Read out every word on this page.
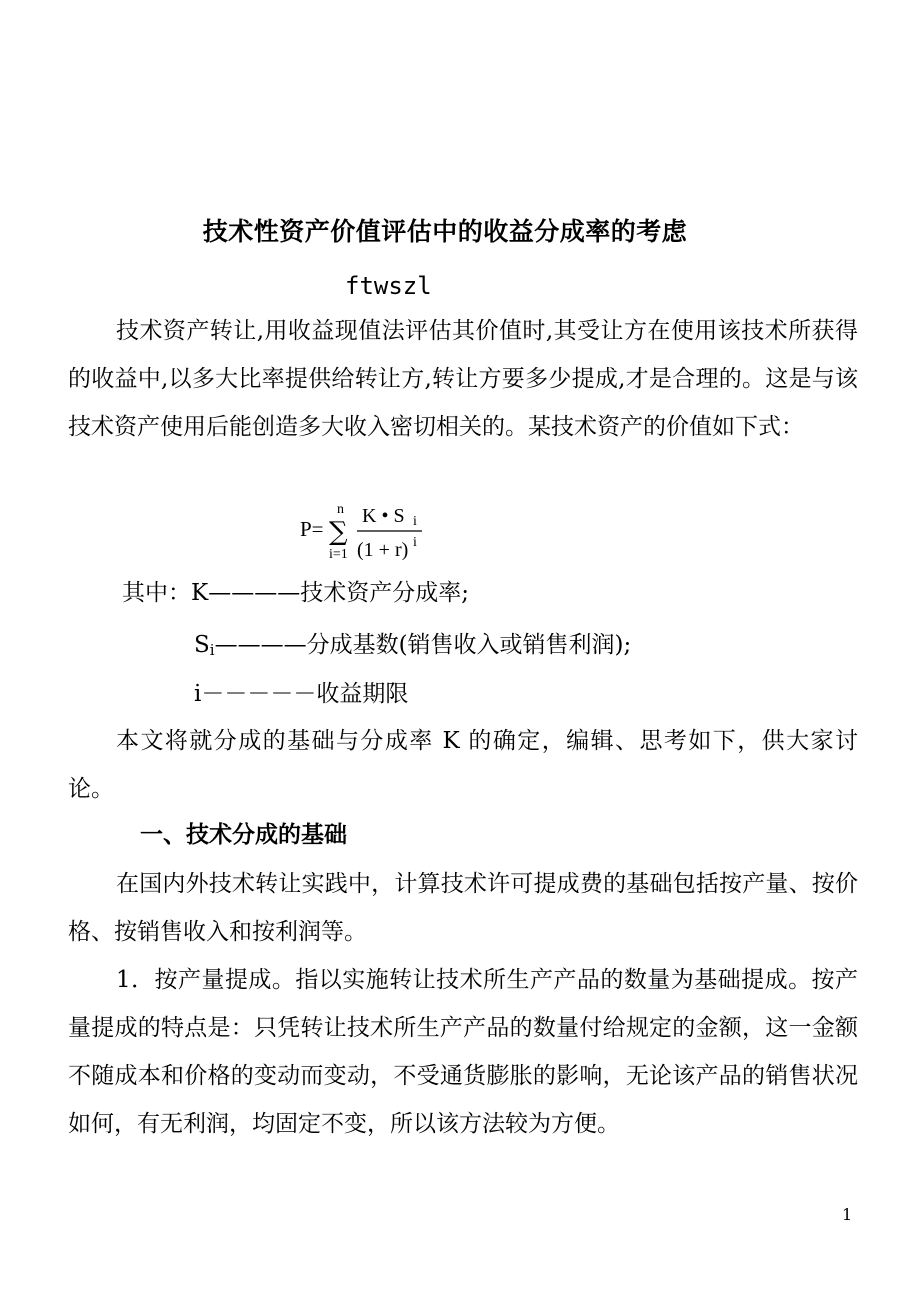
技术性资产价值评估中的收益分成率的考虑
ftwszl

技术资产转让,用收益现值法评估其价值时,其受让方在使用该技术所获得的收益中,以多大比率提供给转让方,转让方要多少提成,才是合理的。这是与该技术资产使用后能创造多大收入密切相关的。某技术资产的价值如下式：

P=
n
∑
i=1
K • S i
(1 + r) i
其中：K————技术资产分成率;
$S_i————$分成基数(销售收入或销售利润);
i－－－－－收益期限

本文将就分成的基础与分成率 K 的确定，编辑、思考如下，供大家讨论。

一、技术分成的基础

在国内外技术转让实践中，计算技术许可提成费的基础包括按产量、按价格、按销售收入和按利润等。

1．按产量提成。指以实施转让技术所生产产品的数量为基础提成。按产量提成的特点是：只凭转让技术所生产产品的数量付给规定的金额，这一金额不随成本和价格的变动而变动，不受通货膨胀的影响，无论该产品的销售状况如何，有无利润，均固定不变，所以该方法较为方便。

1
